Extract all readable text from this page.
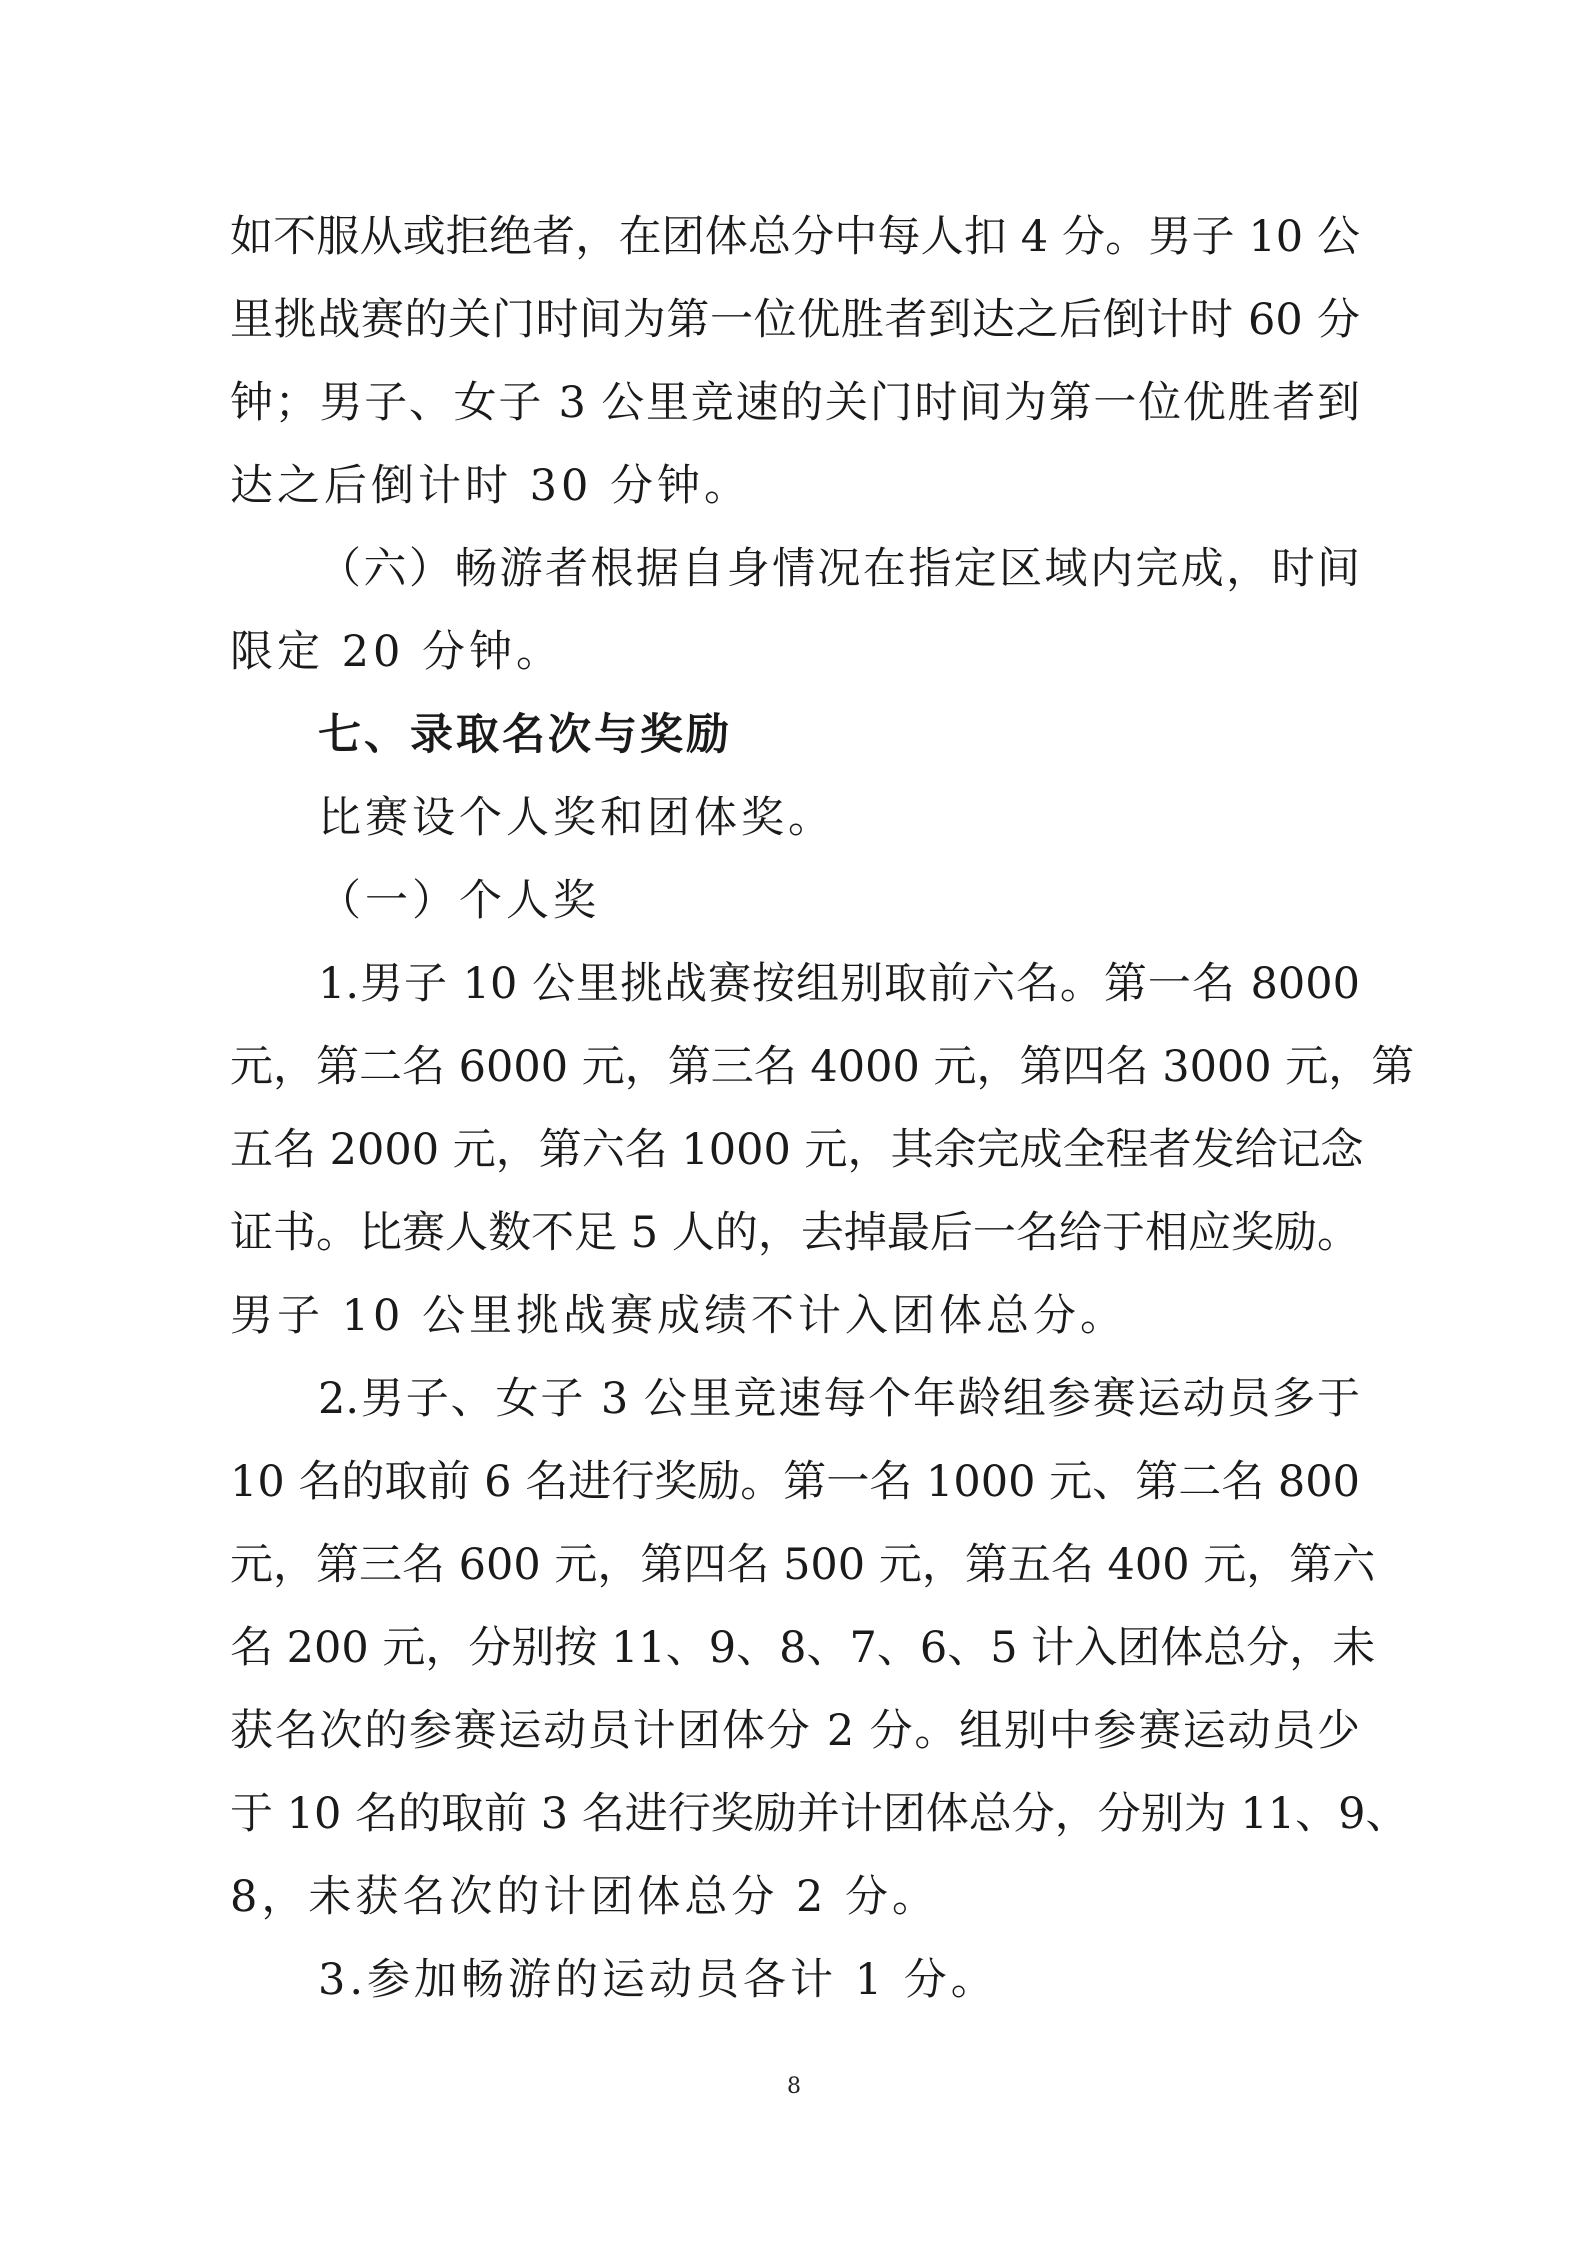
如不服从或拒绝者，在团体总分中每人扣 4 分。男子 10 公
里挑战赛的关门时间为第一位优胜者到达之后倒计时 60 分
钟；男子、女子 3 公里竞速的关门时间为第一位优胜者到
达之后倒计时 30 分钟。
（六）畅游者根据自身情况在指定区域内完成，时间
限定 20 分钟。
七、录取名次与奖励
比赛设个人奖和团体奖。
（一）个人奖
1.男子 10 公里挑战赛按组别取前六名。第一名 8000
元，第二名 6000 元，第三名 4000 元，第四名 3000 元，第
五名 2000 元，第六名 1000 元，其余完成全程者发给记念
证书。比赛人数不足 5 人的，去掉最后一名给于相应奖励。
男子 10 公里挑战赛成绩不计入团体总分。
2.男子、女子 3 公里竞速每个年龄组参赛运动员多于
10 名的取前 6 名进行奖励。第一名 1000 元、第二名 800
元，第三名 600 元，第四名 500 元，第五名 400 元，第六
名 200 元，分别按 11、9、8、7、6、5 计入团体总分，未
获名次的参赛运动员计团体分 2 分。组别中参赛运动员少
于 10 名的取前 3 名进行奖励并计团体总分，分别为 11、9、
8，未获名次的计团体总分 2 分。
3.参加畅游的运动员各计 1 分。
8
